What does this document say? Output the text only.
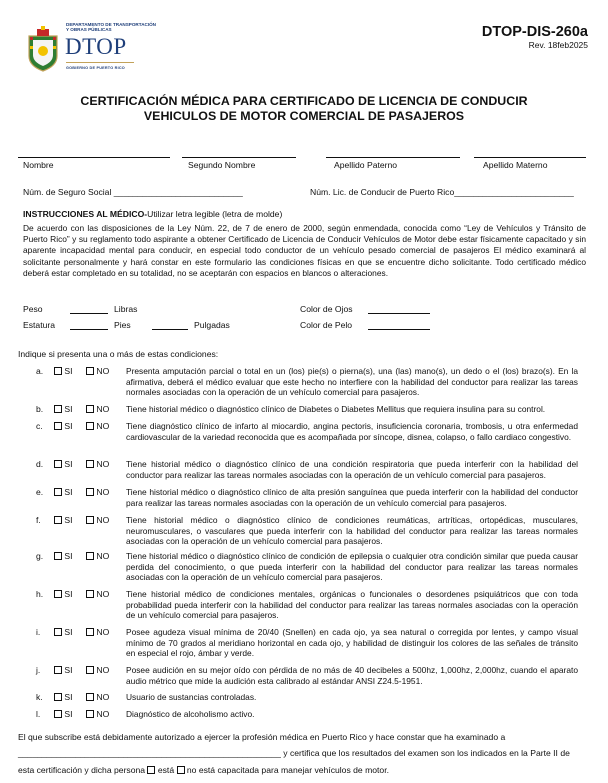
DEPARTAMENTO DE TRANSPORTACIÓN
Y OBRAS PÚBLICAS
DTOP
GOBIERNO DE PUERTO RICO
DTOP-DIS-260a
Rev. 18feb2025
CERTIFICACIÓN MÉDICA PARA CERTIFICADO DE LICENCIA DE CONDUCIR
VEHICULOS DE MOTOR COMERCIAL DE PASAJEROS
Nombre	Segundo Nombre	Apellido Paterno	Apellido Materno
Núm. de Seguro Social ___________________________	Núm. Lic. de Conducir de Puerto Rico_________________________
INSTRUCCIONES AL MÉDICO-Utilizar letra legible (letra de molde)
De acuerdo con las disposiciones de la Ley Núm. 22, de 7 de enero de 2000, según enmendada, conocida como “Ley de Vehículos y Tránsito de Puerto Rico” y su reglamento todo aspirante a obtener Certificado de Licencia de Conducir Vehículos de Motor debe estar físicamente capacitado y sin aparente incapacidad mental para conducir, en especial todo conductor de un vehículo pesado comercial de pasajeros El médico examinará al solicitante personalmente y hará constar en este formulario las condiciones físicas en que se encuentre dicho solicitante. Todo certificado médico deberá estar completado en su totalidad, no se aceptarán con espacios en blancos o alteraciones.
Peso	Libras	Color de Ojos
Estatura	Pies	Pulgadas	Color de Pelo
Indique si presenta una o más de estas condiciones:
a.	SI	NO Presenta amputación parcial o total en un (los) pie(s) o pierna(s), una (las) mano(s), un dedo o el (los) brazo(s). En la afirmativa, deberá el médico evaluar que este hecho no interfiere con la habilidad del conductor para realizar las tareas normales asociadas con la operación de un vehículo comercial para pasajeros.
b.	SI	NO Tiene historial médico o diagnóstico clínico de Diabetes o Diabetes Mellitus que requiera insulina para su control.
c.	SI	NO Tiene diagnóstico clínico de infarto al miocardio, angina pectoris, insuficiencia coronaria, trombosis, u otra enfermedad cardiovascular de la variedad reconocida que es acompañada por síncope, disnea, colapso, o fallo cardiaco congestivo.
d.	SI	NO Tiene historial médico o diagnóstico clínico de una condición respiratoria que pueda interferir con la habilidad del conductor para realizar las tareas normales asociadas con la operación de un vehículo comercial para pasajeros.
e.	SI	NO Tiene historial médico o diagnóstico clínico de alta presión sanguínea que pueda interferir con la habilidad del conductor para realizar las tareas normales asociadas con la operación de un vehículo comercial para pasajeros.
f.	SI	NO Tiene historial médico o diagnóstico clínico de condiciones reumáticas, artríticas, ortopédicas, musculares, neuromusculares, o vasculares que pueda interferir con la habilidad del conductor para realizar las tareas normales asociadas con la operación de un vehículo comercial para pasajeros.
g.	SI	NO Tiene historial médico o diagnóstico clínico de condición de epilepsia o cualquier otra condición similar que pueda causar perdida del conocimiento, o que pueda interferir con la habilidad del conductor para realizar las tareas normales asociadas con la operación de un vehículo comercial para pasajeros.
h.	SI	NO Tiene historial médico de condiciones mentales, orgánicas o funcionales o desordenes psiquiátricos que con toda probabilidad pueda interferir con la habilidad del conductor para realizar las tareas normales asociadas con la operación de un vehículo comercial para pasajeros.
i.	SI	NO Posee agudeza visual mínima de 20/40 (Snellen) en cada ojo, ya sea natural o corregida por lentes, y campo visual mínimo de 70 grados al meridiano horizontal en cada ojo, y habilidad de distinguir los colores de las señales de tránsito en especial el rojo, ámbar y verde.
j.	SI	NO Posee audición en su mejor oído con pérdida de no más de 40 decibeles a 500hz, 1,000hz, 2,000hz, cuando el aparato audio métrico que mide la audición esta calibrado al estándar ANSI Z24.5-1951.
k.	SI	NO Usuario de sustancias controladas.
l.	SI	NO Diagnóstico de alcoholismo activo.
El que subscribe está debidamente autorizado a ejercer la profesión médica en Puerto Rico y hace constar que ha examinado a
_______________________________________________________ y certifica que los resultados del examen son los indicados en la Parte II de
esta certificación y dicha persona está no está capacitada para manejar vehículos de motor.
